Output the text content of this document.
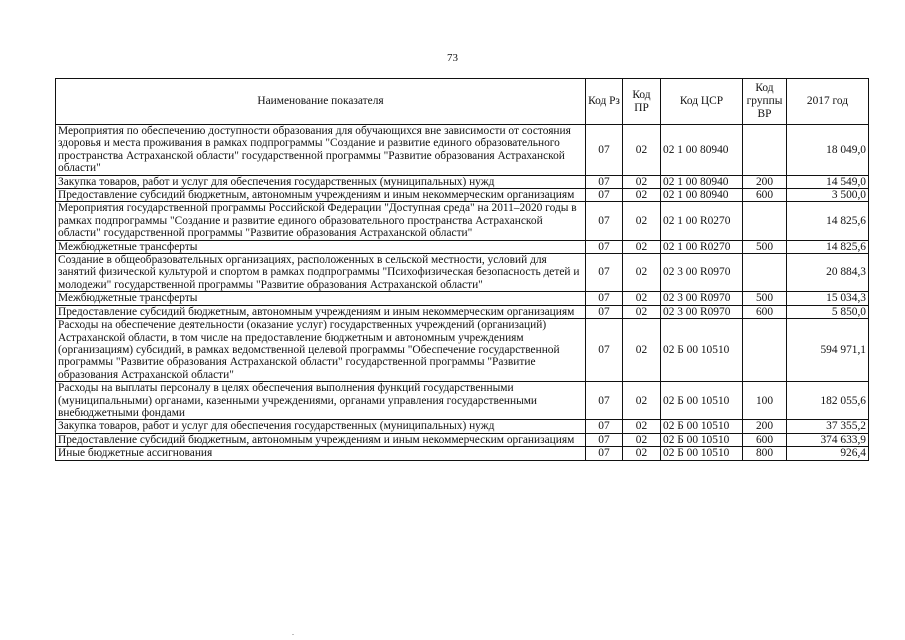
73
Наименование показателя	Код Рз	Код ПР	Код ЦСР	Код группы ВР	2017 год
Мероприятия по обеспечению доступности образования для обучающихся вне зависимости от состояния здоровья и места проживания в рамках подпрограммы "Создание и развитие единого образовательного пространства Астраханской области" государственной программы "Развитие образования Астраханской области"	07	02	02 1 00 80940		18 049,0
Закупка товаров, работ и услуг для обеспечения государственных (муниципальных) нужд	07	02	02 1 00 80940	200	14 549,0
Предоставление субсидий бюджетным, автономным учреждениям и иным некоммерческим организациям	07	02	02 1 00 80940	600	3 500,0
Мероприятия государственной программы Российской Федерации "Доступная среда" на 2011–2020 годы в рамках подпрограммы "Создание и развитие единого образовательного пространства Астраханской области" государственной программы "Развитие образования Астраханской области"	07	02	02 1 00 R0270		14 825,6
Межбюджетные трансферты	07	02	02 1 00 R0270	500	14 825,6
Создание в общеобразовательных организациях, расположенных в сельской местности, условий для занятий физической культурой и спортом в рамках подпрограммы "Психофизическая безопасность детей и молодежи" государственной программы "Развитие образования Астраханской области"	07	02	02 3 00 R0970		20 884,3
Межбюджетные трансферты	07	02	02 3 00 R0970	500	15 034,3
Предоставление субсидий бюджетным, автономным учреждениям и иным некоммерческим организациям	07	02	02 3 00 R0970	600	5 850,0
Расходы на обеспечение деятельности (оказание услуг) государственных учреждений (организаций) Астраханской области, в том числе на предоставление бюджетным и автономным учреждениям (организациям) субсидий, в рамках ведомственной целевой программы "Обеспечение государственной программы "Развитие образования Астраханской области" государственной программы "Развитие образования Астраханской области"	07	02	02 Б 00 10510		594 971,1
Расходы на выплаты персоналу в целях обеспечения выполнения функций государственными (муниципальными) органами, казенными учреждениями, органами управления государственными внебюджетными фондами	07	02	02 Б 00 10510	100	182 055,6
Закупка товаров, работ и услуг для обеспечения государственных (муниципальных) нужд	07	02	02 Б 00 10510	200	37 355,2
Предоставление субсидий бюджетным, автономным учреждениям и иным некоммерческим организациям	07	02	02 Б 00 10510	600	374 633,9
Иные бюджетные ассигнования	07	02	02 Б 00 10510	800	926,4
.
